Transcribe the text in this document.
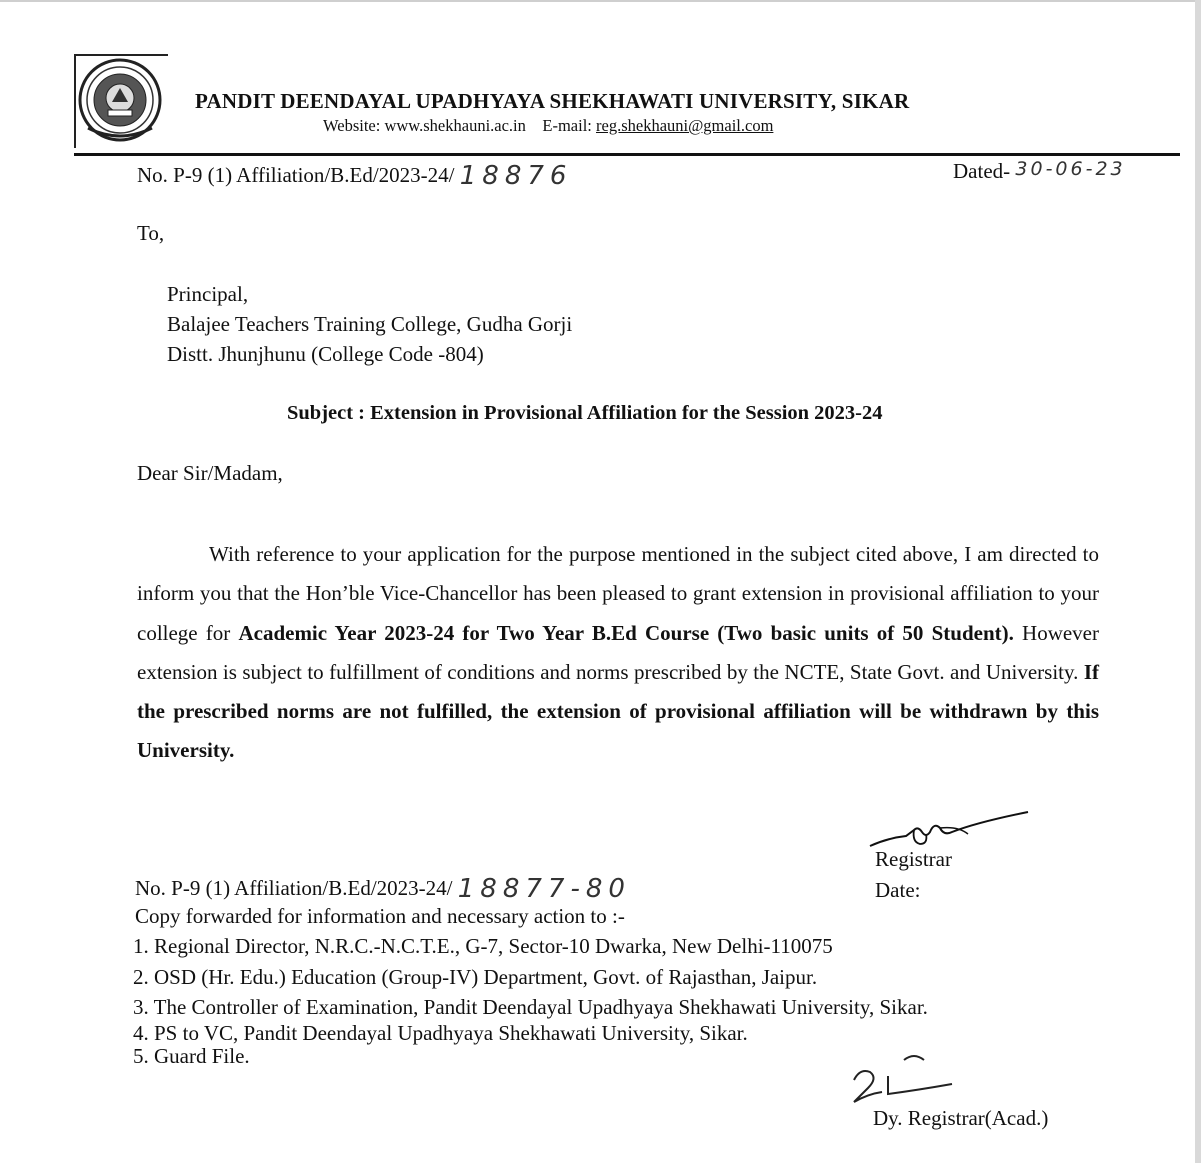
PANDIT DEENDAYAL UPADHYAYA SHEKHAWATI UNIVERSITY, SIKAR
Website: www.shekhauni.ac.in E-mail: reg.shekhauni@gmail.com
No. P-9 (1) Affiliation/B.Ed/2023-24/ 18876	Dated- 30-06-23
To,
Principal,
Balajee Teachers Training College, Gudha Gorji
Distt. Jhunjhunu (College Code -804)
Subject : Extension in Provisional Affiliation for the Session 2023-24
Dear Sir/Madam,
With reference to your application for the purpose mentioned in the subject cited above, I am directed to inform you that the Hon’ble Vice-Chancellor has been pleased to grant extension in provisional affiliation to your college for Academic Year 2023-24 for Two Year B.Ed Course (Two basic units of 50 Student). However extension is subject to fulfillment of conditions and norms prescribed by the NCTE, State Govt. and University. If the prescribed norms are not fulfilled, the extension of provisional affiliation will be withdrawn by this University.
Registrar
Date:
No. P-9 (1) Affiliation/B.Ed/2023-24/ 18877-80
Copy forwarded for information and necessary action to :-
1. Regional Director, N.R.C.-N.C.T.E., G-7, Sector-10 Dwarka, New Delhi-110075
2. OSD (Hr. Edu.) Education (Group-IV) Department, Govt. of Rajasthan, Jaipur.
3. The Controller of Examination, Pandit Deendayal Upadhyaya Shekhawati University, Sikar.
4. PS to VC, Pandit Deendayal Upadhyaya Shekhawati University, Sikar.
5. Guard File.
Dy. Registrar(Acad.)
